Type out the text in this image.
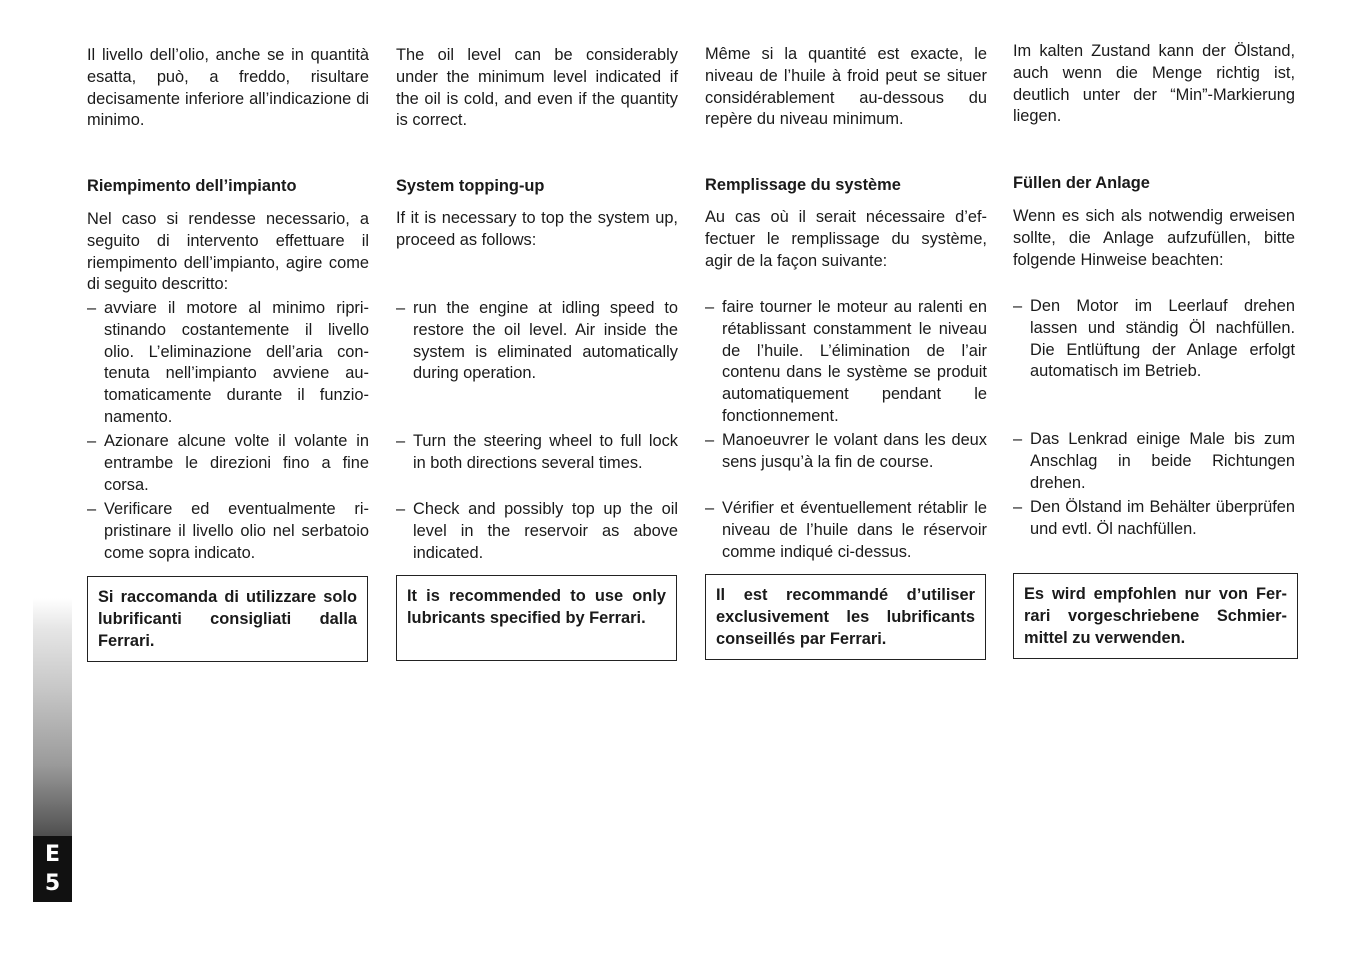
Il livello dell’olio, anche se in quantità esatta, può, a freddo, risultare decisamente inferiore all’indicazione di minimo.

Riempimento dell’impianto

Nel caso si rendesse necessario, a seguito di intervento effettuare il riempimento dell’impianto, agire come di seguito descritto:

– avviare il motore al minimo ripristinando costantemente il livello olio. L’eliminazione dell’aria contenuta nell’impianto avviene automaticamente durante il funzionamento.
– Azionare alcune volte il volante in entrambe le direzioni fino a fine corsa.
– Verificare ed eventualmente ripristinare il livello olio nel serbatoio come sopra indicato.
Si raccomanda di utilizzare solo lubrificanti consigliati dalla Ferrari.

The oil level can be considerably under the minimum level indicated if the oil is cold, and even if the quantity is correct.

System topping-up

If it is necessary to top the system up, proceed as follows:

– run the engine at idling speed to restore the oil level. Air inside the system is eliminated automatically during operation.
– Turn the steering wheel to full lock in both directions several times.
– Check and possibly top up the oil level in the reservoir as above indicated.
It is recommended to use only lubricants specified by Ferrari.

Même si la quantité est exacte, le niveau de l’huile à froid peut se situer considérablement au-dessous du repère du niveau minimum.

Remplissage du système

Au cas où il serait nécessaire d’effectuer le remplissage du système, agir de la façon suivante:

– faire tourner le moteur au ralenti en rétablissant constamment le niveau de l’huile. L’élimination de l’air contenu dans le système se produit automatiquement pendant le fonctionnement.
– Manoeuvrer le volant dans les deux sens jusqu’à la fin de course.
– Vérifier et éventuellement rétablir le niveau de l’huile dans le réservoir comme indiqué ci-dessus.
Il est recommandé d’utiliser exclusivement les lubrificants conseillés par Ferrari.

Im kalten Zustand kann der Ölstand, auch wenn die Menge richtig ist, deutlich unter der “Min”-Markierung liegen.

Füllen der Anlage

Wenn es sich als notwendig erweisen sollte, die Anlage aufzufüllen, bitte folgende Hinweise beachten:

– Den Motor im Leerlauf drehen lassen und ständig Öl nachfüllen. Die Entlüftung der Anlage erfolgt automatisch im Betrieb.
– Das Lenkrad einige Male bis zum Anschlag in beide Richtungen drehen.
– Den Ölstand im Behälter überprüfen und evtl. Öl nachfüllen.
Es wird empfohlen nur von Ferrari vorgeschriebene Schmiermittel zu verwenden.
E
5
